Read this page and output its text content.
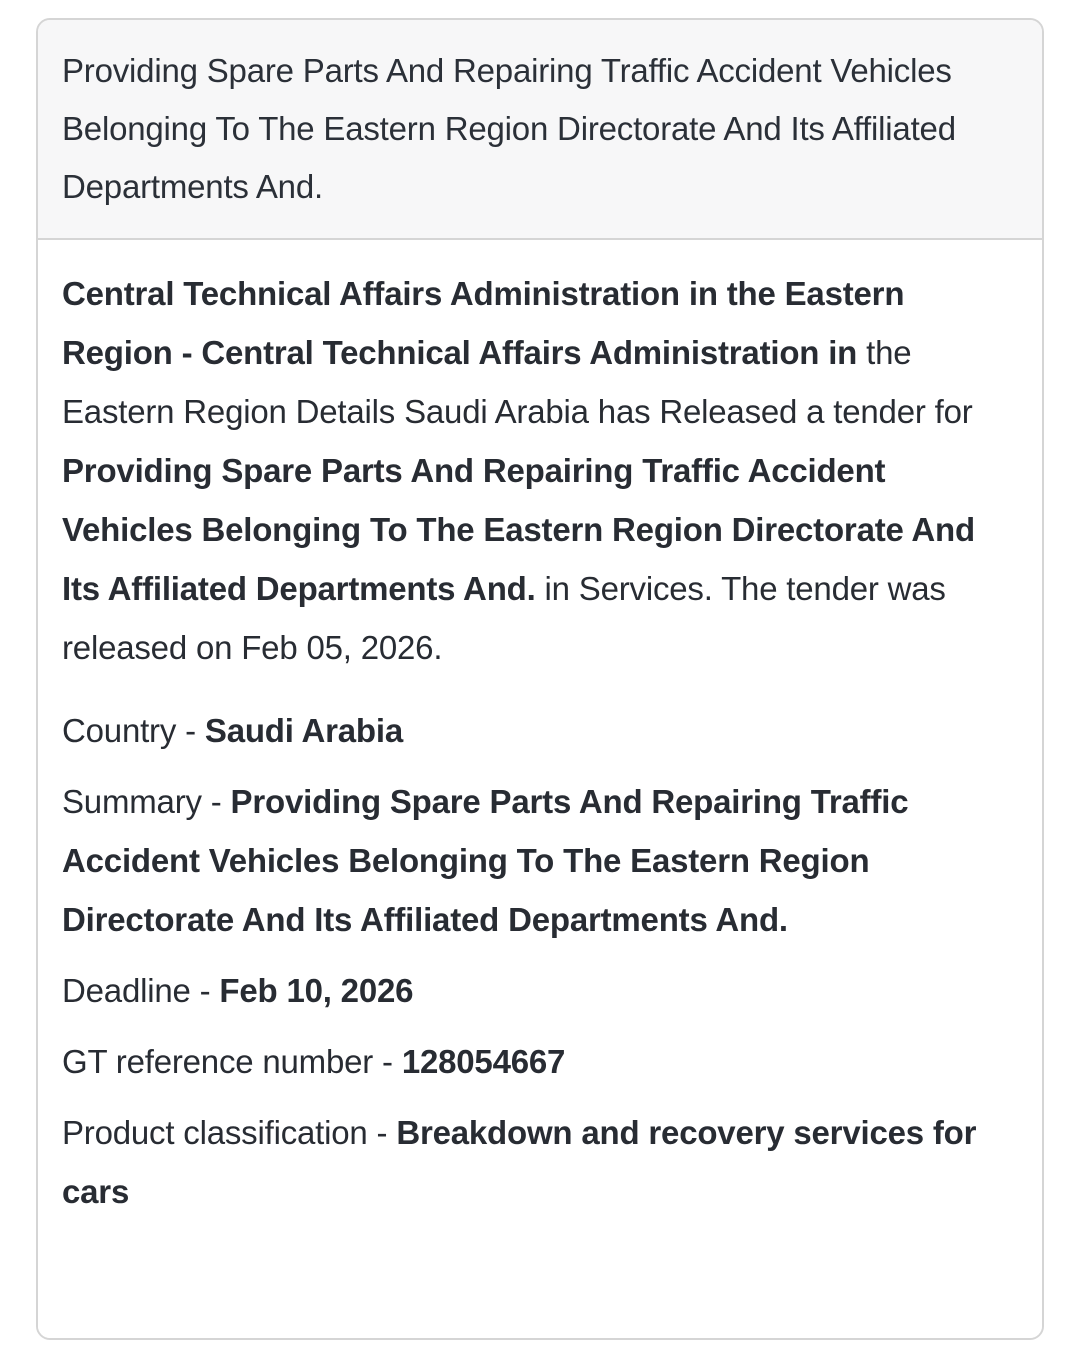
Providing Spare Parts And Repairing Traffic Accident Vehicles Belonging To The Eastern Region Directorate And Its Affiliated Departments And.

Central Technical Affairs Administration in the Eastern Region - Central Technical Affairs Administration in the Eastern Region Details Saudi Arabia has Released a tender for Providing Spare Parts And Repairing Traffic Accident Vehicles Belonging To The Eastern Region Directorate And Its Affiliated Departments And. in Services. The tender was released on Feb 05, 2026.

Country - Saudi Arabia

Summary - Providing Spare Parts And Repairing Traffic Accident Vehicles Belonging To The Eastern Region Directorate And Its Affiliated Departments And.

Deadline - Feb 10, 2026

GT reference number - 128054667

Product classification - Breakdown and recovery services for cars
